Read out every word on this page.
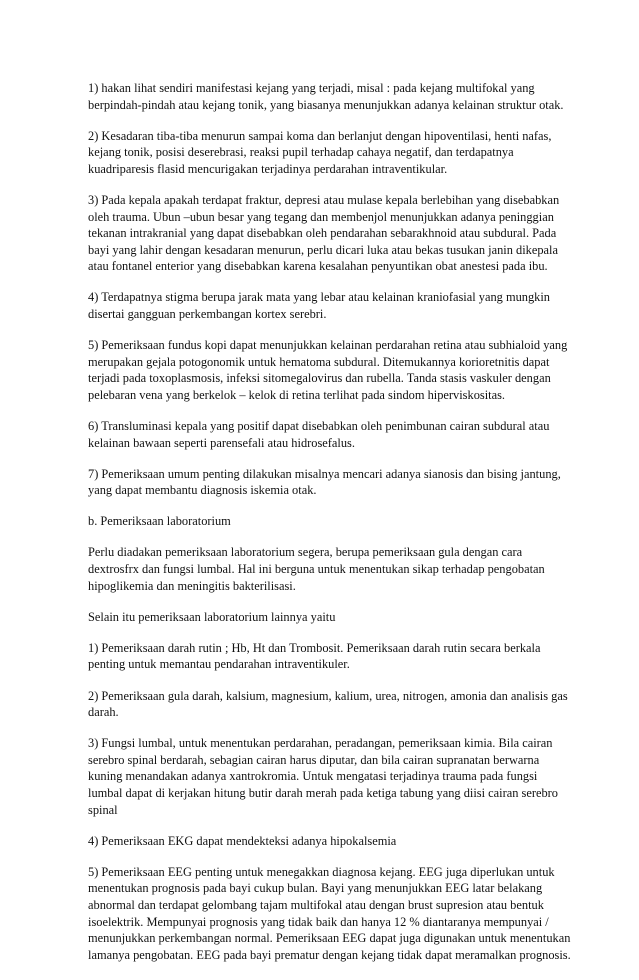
1) hakan lihat sendiri manifestasi kejang yang terjadi, misal : pada kejang multifokal yang
berpindah-pindah atau kejang tonik, yang biasanya menunjukkan adanya kelainan struktur otak.

2) Kesadaran tiba-tiba menurun sampai koma dan berlanjut dengan hipoventilasi, henti nafas,
kejang tonik, posisi deserebrasi, reaksi pupil terhadap cahaya negatif, dan terdapatnya
kuadriparesis flasid mencurigakan terjadinya perdarahan intraventikular.

3) Pada kepala apakah terdapat fraktur, depresi atau mulase kepala berlebihan yang disebabkan
oleh trauma. Ubun –ubun besar yang tegang dan membenjol menunjukkan adanya peninggian
tekanan intrakranial yang dapat disebabkan oleh pendarahan sebarakhnoid atau subdural. Pada
bayi yang lahir dengan kesadaran menurun, perlu dicari luka atau bekas tusukan janin dikepala
atau fontanel enterior yang disebabkan karena kesalahan penyuntikan obat anestesi pada ibu.

4) Terdapatnya stigma berupa jarak mata yang lebar atau kelainan kraniofasial yang mungkin
disertai gangguan perkembangan kortex serebri.

5) Pemeriksaan fundus kopi dapat menunjukkan kelainan perdarahan retina atau subhialoid yang
merupakan gejala potogonomik untuk hematoma subdural. Ditemukannya korioretnitis dapat
terjadi pada toxoplasmosis, infeksi sitomegalovirus dan rubella. Tanda stasis vaskuler dengan
pelebaran vena yang berkelok – kelok di retina terlihat pada sindom hiperviskositas.

6) Transluminasi kepala yang positif dapat disebabkan oleh penimbunan cairan subdural atau
kelainan bawaan seperti parensefali atau hidrosefalus.

7) Pemeriksaan umum penting dilakukan misalnya mencari adanya sianosis dan bising jantung,
yang dapat membantu diagnosis iskemia otak.

b. Pemeriksaan laboratorium

Perlu diadakan pemeriksaan laboratorium segera, berupa pemeriksaan gula dengan cara
dextrosfrx dan fungsi lumbal. Hal ini berguna untuk menentukan sikap terhadap pengobatan
hipoglikemia dan meningitis bakterilisasi.

Selain itu pemeriksaan laboratorium lainnya yaitu

1) Pemeriksaan darah rutin ; Hb, Ht dan Trombosit. Pemeriksaan darah rutin secara berkala
penting untuk memantau pendarahan intraventikuler.

2) Pemeriksaan gula darah, kalsium, magnesium, kalium, urea, nitrogen, amonia dan analisis gas
darah.

3) Fungsi lumbal, untuk menentukan perdarahan, peradangan, pemeriksaan kimia. Bila cairan
serebro spinal berdarah, sebagian cairan harus diputar, dan bila cairan supranatan berwarna
kuning menandakan adanya xantrokromia. Untuk mengatasi terjadinya trauma pada fungsi
lumbal dapat di kerjakan hitung butir darah merah pada ketiga tabung yang diisi cairan serebro
spinal

4) Pemeriksaan EKG dapat mendekteksi adanya hipokalsemia

5) Pemeriksaan EEG penting untuk menegakkan diagnosa kejang. EEG juga diperlukan untuk
menentukan prognosis pada bayi cukup bulan. Bayi yang menunjukkan EEG latar belakang
abnormal dan terdapat gelombang tajam multifokal atau dengan brust supresion atau bentuk
isoelektrik. Mempunyai prognosis yang tidak baik dan hanya 12 % diantaranya mempunyai /
menunjukkan perkembangan normal. Pemeriksaan EEG dapat juga digunakan untuk menentukan
lamanya pengobatan. EEG pada bayi prematur dengan kejang tidak dapat meramalkan prognosis.
